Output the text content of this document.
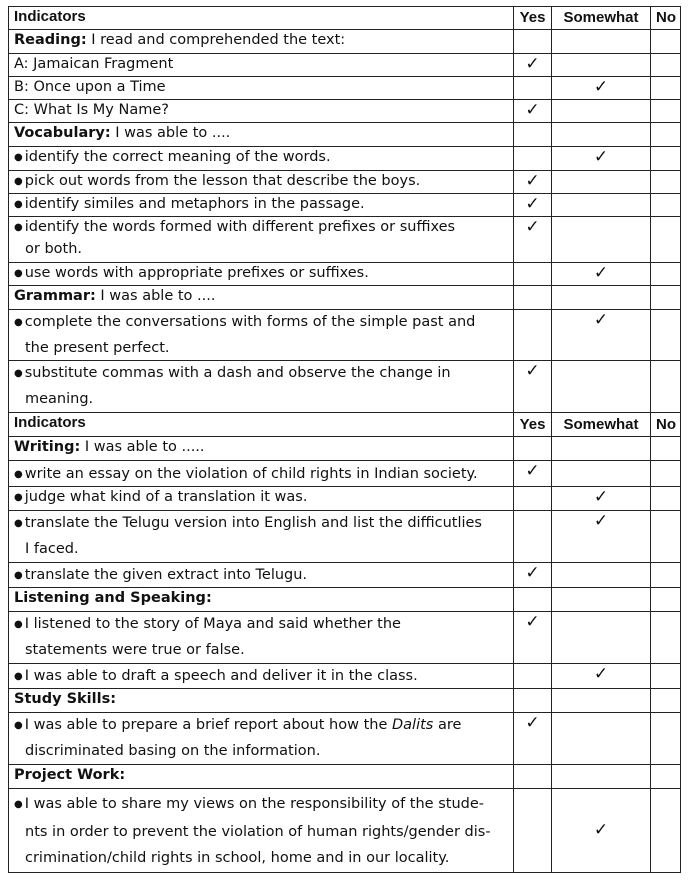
Indicators	Yes	Somewhat	No
Reading: I read and comprehended the text:			
A: Jamaican Fragment	✓		
B: Once upon a Time		✓	
C: What Is My Name?	✓		
Vocabulary: I was able to ....			
● identify the correct meaning of the words.		✓	
● pick out words from the lesson that describe the boys.	✓		
● identify similes and metaphors in the passage.	✓		

● identify the words formed with different prefixes or suffixes
or both.	✓		
● use words with appropriate prefixes or suffixes.		✓	
Grammar: I was able to ....			

● complete the conversations with forms of the simple past and
the present perfect.		✓	

● substitute commas with a dash and observe the change in
meaning.	✓		
Indicators	Yes	Somewhat	No
Writing: I was able to .....			
● write an essay on the violation of child rights in Indian society.	✓		
● judge what kind of a translation it was.		✓	

● translate the Telugu version into English and list the difficutlies
I faced.		✓	
● translate the given extract into Telugu.	✓		
Listening and Speaking:			

● I listened to the story of Maya and said whether the
statements were true or false.	✓		
● I was able to draft a speech and deliver it in the class.		✓	
Study Skills:			

● I was able to prepare a brief report about how the Dalits are
discriminated basing on the information.	✓		
Project Work:			

● I was able to share my views on the responsibility of the stude-
nts in order to prevent the violation of human rights/gender dis-
crimination/child rights in school, home and in our locality.		✓	
